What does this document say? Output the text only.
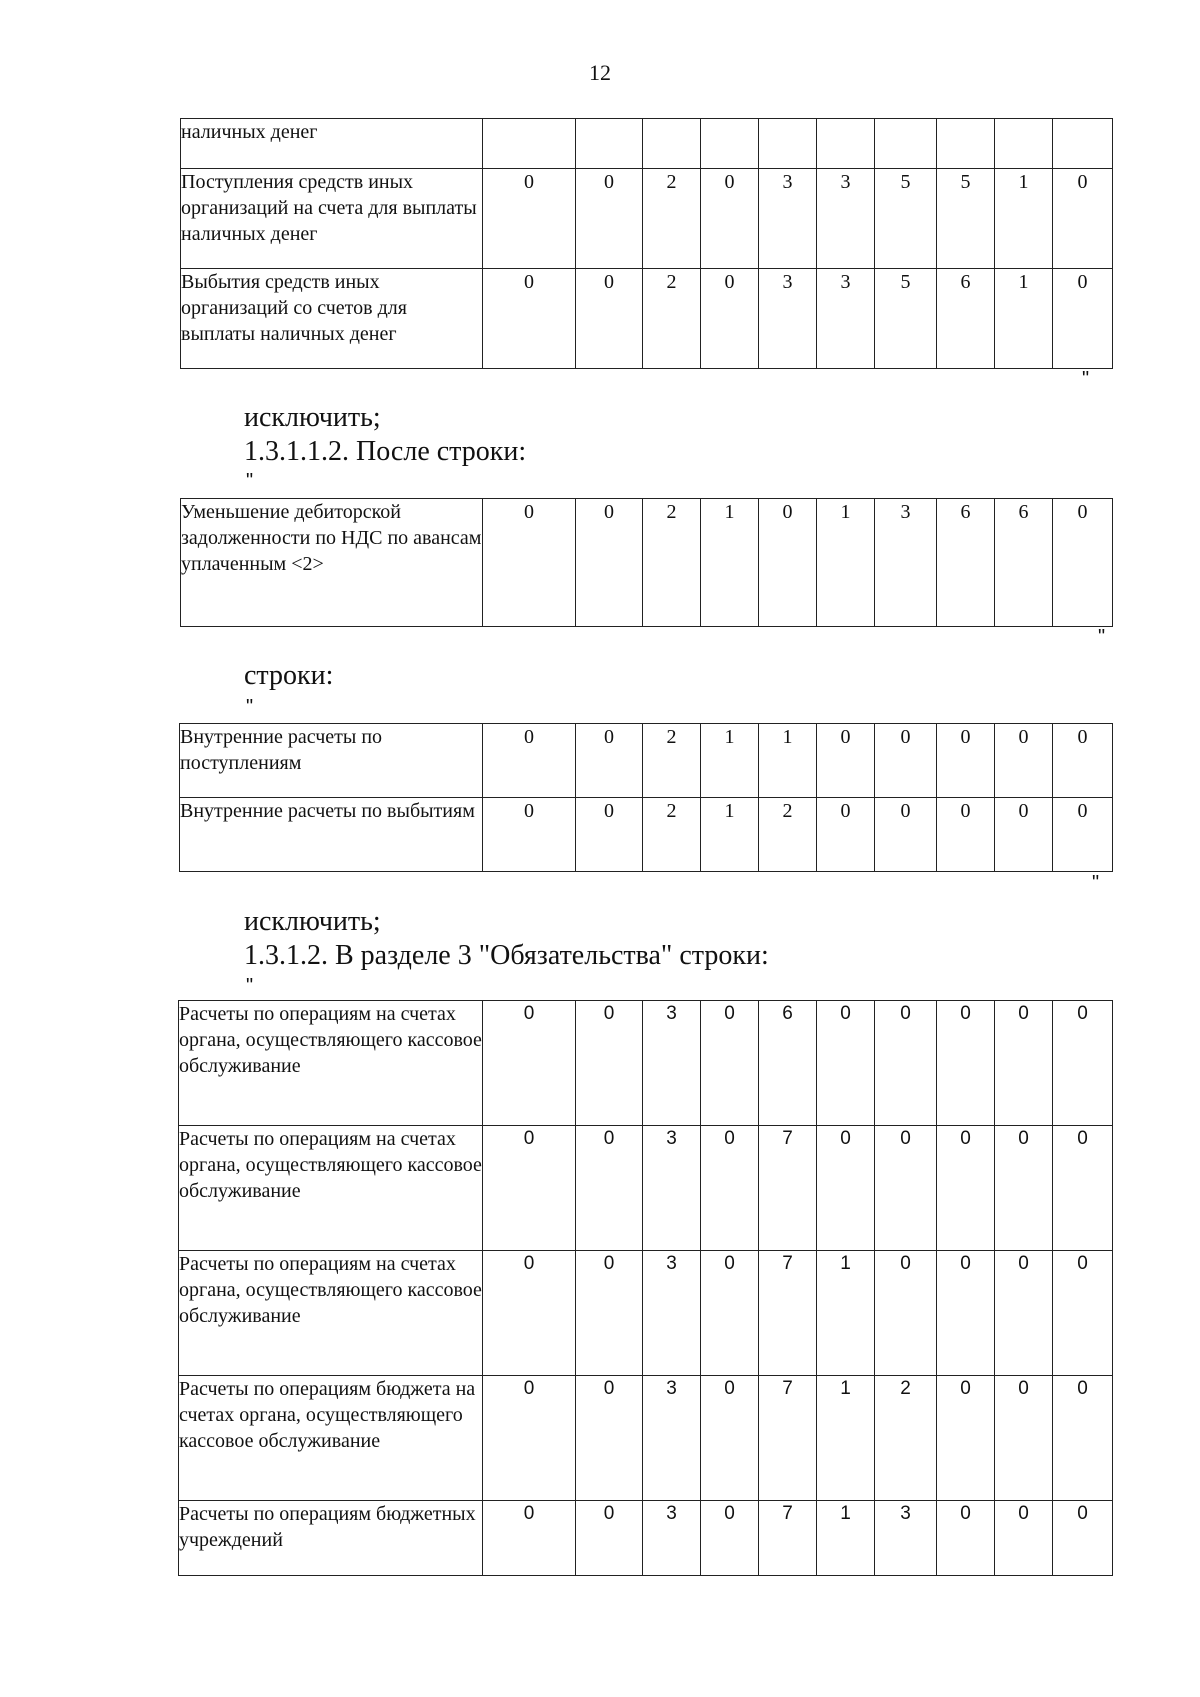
12
наличных денег											
Поступления средств иных организаций на счета для выплаты наличных денег	0	0	2	0	3	3	5	5	1	0	
Выбытия средств иных организаций со счетов для выплаты наличных денег	0	0	2	0	3	3	5	6	1	0	
"
исключить;
1.3.1.1.2. После строки:
"
Уменьшение дебиторской задолженности по НДС по авансам уплаченным <2>	0	0	2	1	0	1	3	6	6	0	
"
строки:
"
Внутренние расчеты по поступлениям	0	0	2	1	1	0	0	0	0	0	
Внутренние расчеты по выбытиям	0	0	2	1	2	0	0	0	0	0	
"
исключить;
1.3.1.2. В разделе 3 "Обязательства" строки:
"
Расчеты по операциям на счетах органа, осуществляющего кассовое обслуживание	0	0	3	0	6	0	0	0	0	0	
Расчеты по операциям на счетах органа, осуществляющего кассовое обслуживание	0	0	3	0	7	0	0	0	0	0	
Расчеты по операциям на счетах органа, осуществляющего кассовое обслуживание	0	0	3	0	7	1	0	0	0	0	
Расчеты по операциям бюджета на счетах органа, осуществляющего кассовое обслуживание	0	0	3	0	7	1	2	0	0	0	
Расчеты по операциям бюджетных учреждений	0	0	3	0	7	1	3	0	0	0	
